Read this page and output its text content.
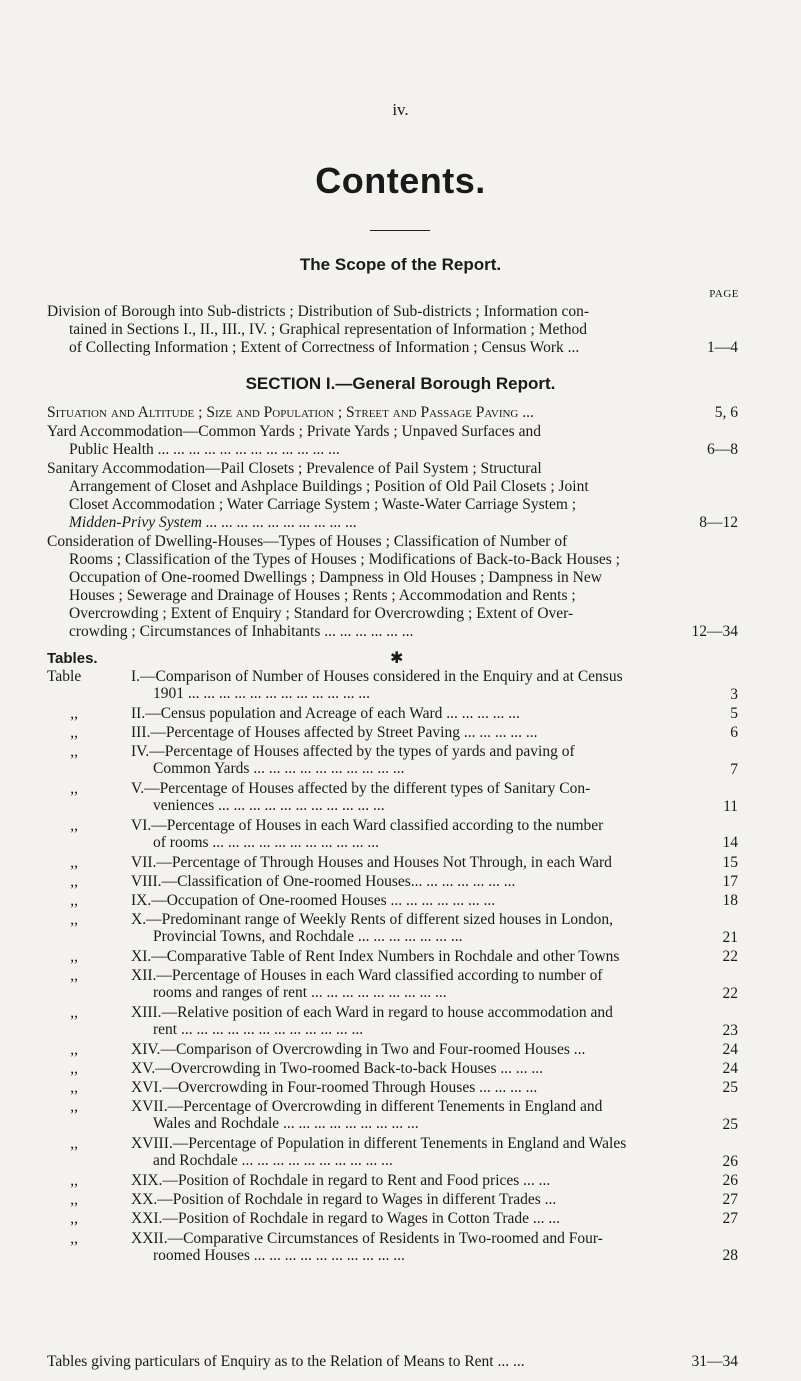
iv.
Contents.
The Scope of the Report.
PAGE
Division of Borough into Sub-districts ; Distribution of Sub-districts ; Information con-
tained in Sections I., II., III., IV. ; Graphical representation of Information ; Method
of Collecting Information ; Extent of Correctness of Information ; Census Work ...	1—4
SECTION I.—General Borough Report.
Situation and Altitude ; Size and Population ; Street and Passage Paving ...	5, 6
Yard Accommodation—Common Yards ; Private Yards ; Unpaved Surfaces and
Public Health ... ... ... ... ... ... ... ... ... ... ... ...	6—8
Sanitary Accommodation—Pail Closets ; Prevalence of Pail System ; Structural
Arrangement of Closet and Ashplace Buildings ; Position of Old Pail Closets ; Joint
Closet Accommodation ; Water Carriage System ; Waste-Water Carriage System ;
Midden-Privy System ... ... ... ... ... ... ... ... ... ...	8—12
Consideration of Dwelling-Houses—Types of Houses ; Classification of Number of
Rooms ; Classification of the Types of Houses ; Modifications of Back-to-Back Houses ;
Occupation of One-roomed Dwellings ; Dampness in Old Houses ; Dampness in New
Houses ; Sewerage and Drainage of Houses ; Rents ; Accommodation and Rents ;
Overcrowding ; Extent of Enquiry ; Standard for Overcrowding ; Extent of Over-
crowding ; Circumstances of Inhabitants ... ... ... ... ... ...	12—34
Tables.	✱
Table	I.—Comparison of Number of Houses considered in the Enquiry and at Census
1901 ... ... ... ... ... ... ... ... ... ... ... ...	3
,,	II.—Census population and Acreage of each Ward ... ... ... ... ...	5
,,	III.—Percentage of Houses affected by Street Paving ... ... ... ... ...	6
,,	IV.—Percentage of Houses affected by the types of yards and paving of
Common Yards ... ... ... ... ... ... ... ... ... ...	7
,,	V.—Percentage of Houses affected by the different types of Sanitary Con-
veniences ... ... ... ... ... ... ... ... ... ... ...	11
,,	VI.—Percentage of Houses in each Ward classified according to the number
of rooms ... ... ... ... ... ... ... ... ... ... ...	14
,,	VII.—Percentage of Through Houses and Houses Not Through, in each Ward	15
,,	VIII.—Classification of One-roomed Houses... ... ... ... ... ... ...	17
,,	IX.—Occupation of One-roomed Houses ... ... ... ... ... ... ...	18
,,	X.—Predominant range of Weekly Rents of different sized houses in London,
Provincial Towns, and Rochdale ... ... ... ... ... ... ...	21
,,	XI.—Comparative Table of Rent Index Numbers in Rochdale and other Towns	22
,,	XII.—Percentage of Houses in each Ward classified according to number of
rooms and ranges of rent ... ... ... ... ... ... ... ... ...	22
,,	XIII.—Relative position of each Ward in regard to house accommodation and
rent ... ... ... ... ... ... ... ... ... ... ... ...	23
,,	XIV.—Comparison of Overcrowding in Two and Four-roomed Houses ...	24
,,	XV.—Overcrowding in Two-roomed Back-to-back Houses ... ... ...	24
,,	XVI.—Overcrowding in Four-roomed Through Houses ... ... ... ...	25
,,	XVII.—Percentage of Overcrowding in different Tenements in England and
Wales and Rochdale ... ... ... ... ... ... ... ... ...	25
,,	XVIII.—Percentage of Population in different Tenements in England and Wales
and Rochdale ... ... ... ... ... ... ... ... ... ...	26
,,	XIX.—Position of Rochdale in regard to Rent and Food prices ... ...	26
,,	XX.—Position of Rochdale in regard to Wages in different Trades ...	27
,,	XXI.—Position of Rochdale in regard to Wages in Cotton Trade ... ...	27
,,	XXII.—Comparative Circumstances of Residents in Two-roomed and Four-
roomed Houses ... ... ... ... ... ... ... ... ... ...	28
Tables giving particulars of Enquiry as to the Relation of Means to Rent ... ...	31—34
